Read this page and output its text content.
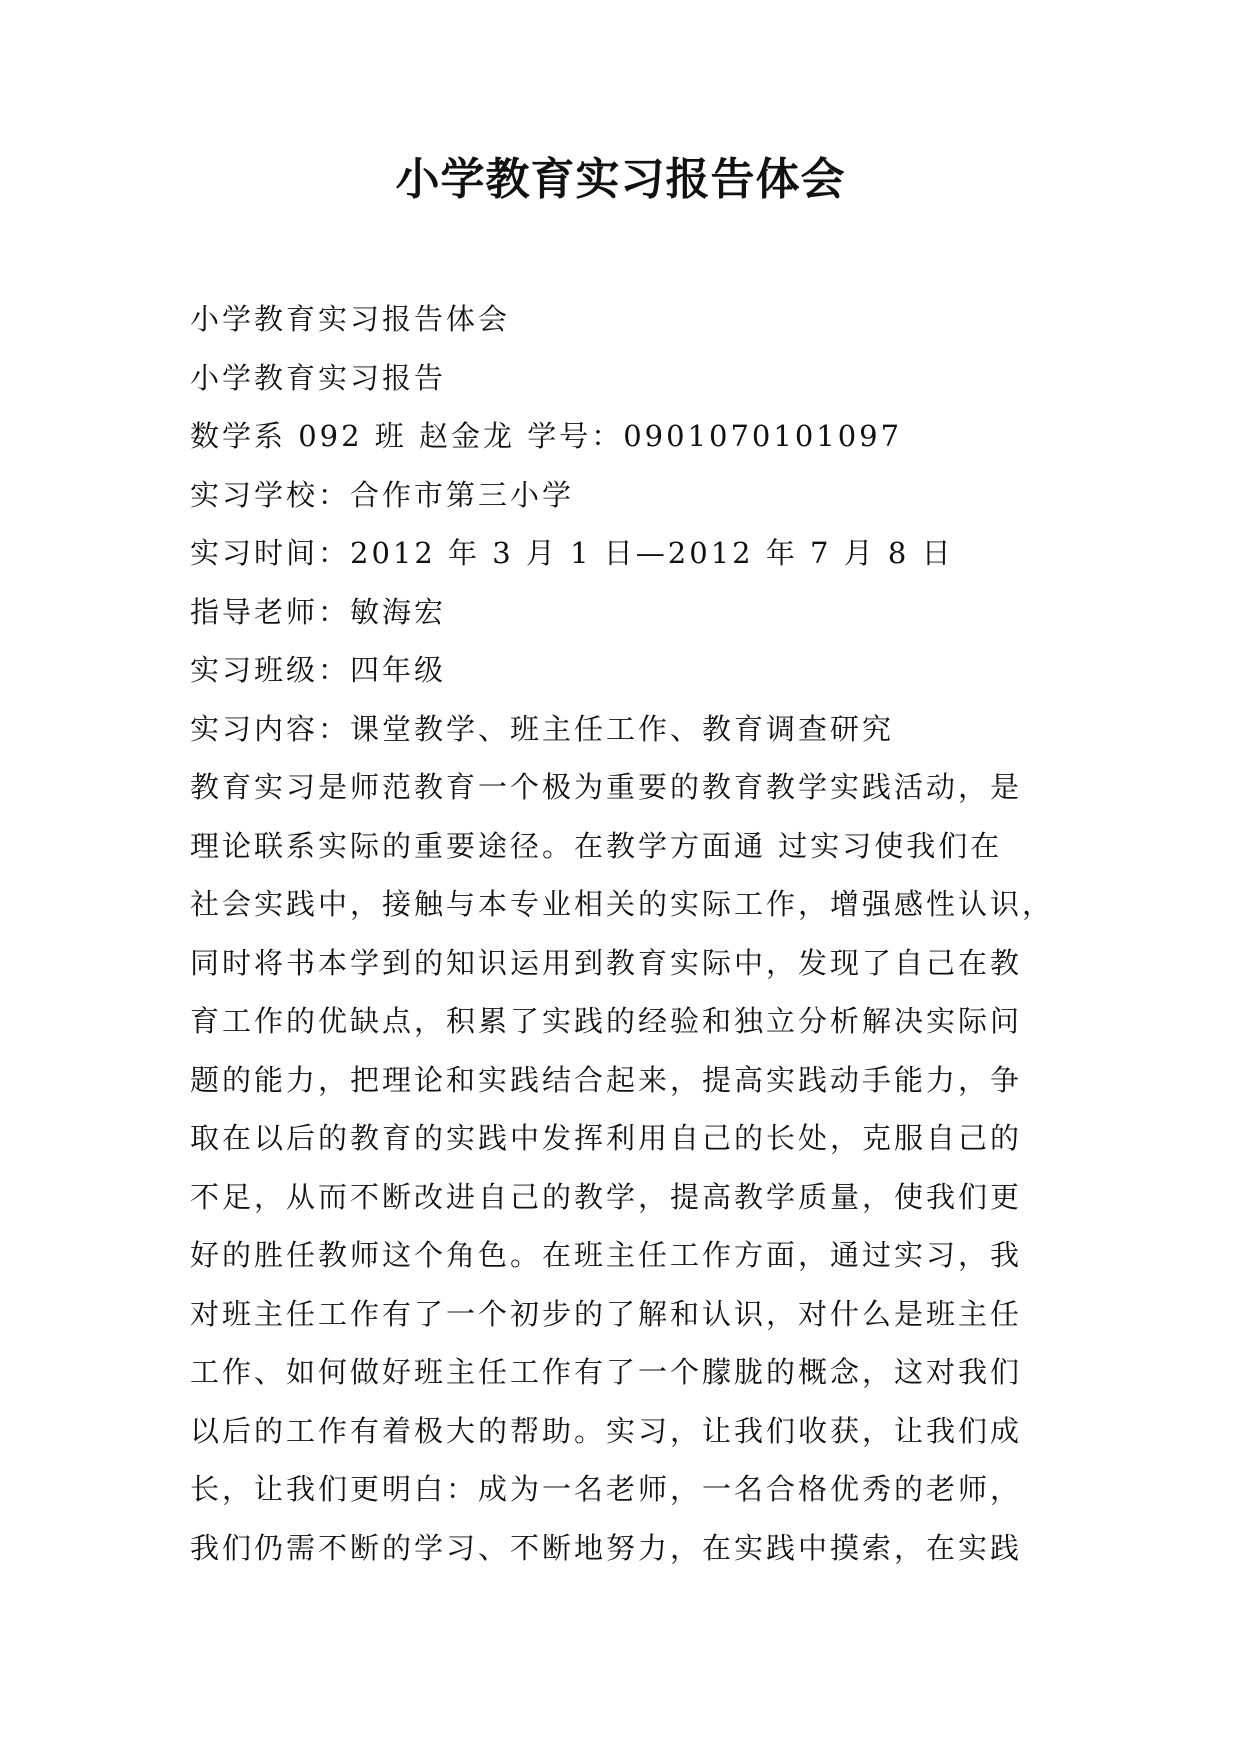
小学教育实习报告体会
小学教育实习报告体会
小学教育实习报告
数学系 092 班 赵金龙 学号：0901070101097
实习学校：合作市第三小学
实习时间：2012 年 3 月 1 日—2012 年 7 月 8 日
指导老师：敏海宏
实习班级：四年级
实习内容：课堂教学、班主任工作、教育调查研究
教育实习是师范教育一个极为重要的教育教学实践活动，是
理论联系实际的重要途径。在教学方面通 过实习使我们在
社会实践中，接触与本专业相关的实际工作，增强感性认识，
同时将书本学到的知识运用到教育实际中，发现了自己在教
育工作的优缺点，积累了实践的经验和独立分析解决实际问
题的能力，把理论和实践结合起来，提高实践动手能力，争
取在以后的教育的实践中发挥利用自己的长处，克服自己的
不足，从而不断改进自己的教学，提高教学质量，使我们更
好的胜任教师这个角色。在班主任工作方面，通过实习，我
对班主任工作有了一个初步的了解和认识，对什么是班主任
工作、如何做好班主任工作有了一个朦胧的概念，这对我们
以后的工作有着极大的帮助。实习，让我们收获，让我们成
长，让我们更明白：成为一名老师，一名合格优秀的老师，
我们仍需不断的学习、不断地努力，在实践中摸索，在实践
